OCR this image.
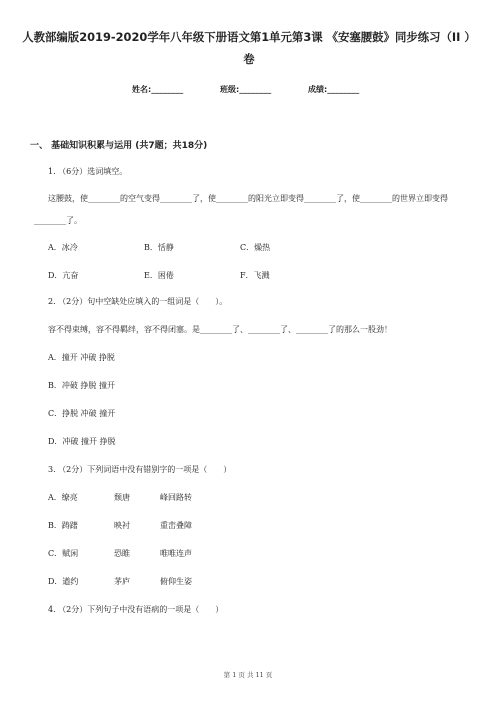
人教部编版2019-2020学年八年级下册语文第1单元第3课 《安塞腰鼓》同步练习（II ）卷
姓名:________	班级:________	成绩:________
一、 基础知识积累与运用 (共7题；共18分)
1. （6分）选词填空。
这腰鼓，使________的空气变得________了，使________的阳光立即变得________了，使________的世界立即变得________了。
A．冰冷	B．恬静	C．燥热
D．亢奋	E．困倦	F．飞溅
2. （2分）句中空缺处应填入的一组词是（　　）。
容不得束缚，容不得羁绊，容不得闭塞。是________了、________了、________了的那么一股劲！
A．撞开 冲破 挣脱
B．冲破 挣脱 撞开
C．挣脱 冲破 撞开
D．冲破 撞开 挣脱
3. （2分）下列词语中没有错别字的一项是（　　）
A．缭亮	颓唐	峰回路转
B．踌躇	映衬	重峦叠障
C．赋闲	恐睢	唯唯连声
D．遒约	茅庐	俯仰生姿
4. （2分）下列句子中没有语病的一项是（　　）
第 1 页 共 11 页
